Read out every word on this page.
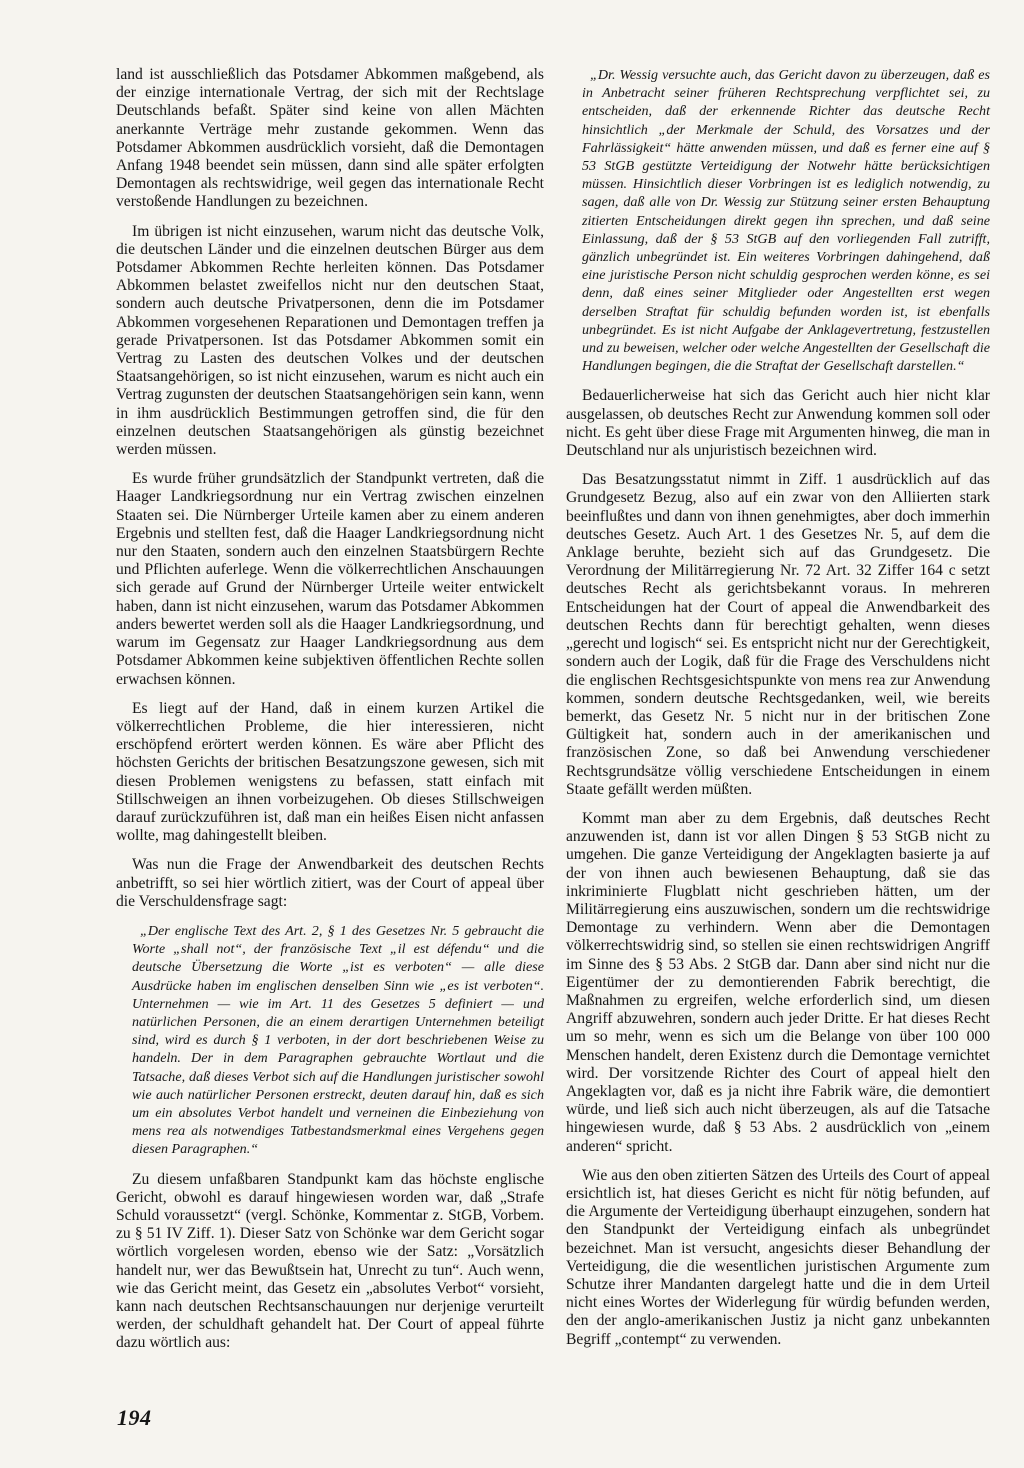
land ist ausschließlich das Potsdamer Abkommen maßgebend, als der einzige internationale Vertrag, der sich mit der Rechtslage Deutschlands befaßt. Später sind keine von allen Mächten anerkannte Verträge mehr zustande gekommen. Wenn das Potsdamer Abkommen ausdrücklich vorsieht, daß die Demontagen Anfang 1948 beendet sein müssen, dann sind alle später erfolgten Demontagen als rechtswidrige, weil gegen das internationale Recht verstoßende Handlungen zu bezeichnen.

Im übrigen ist nicht einzusehen, warum nicht das deutsche Volk, die deutschen Länder und die einzelnen deutschen Bürger aus dem Potsdamer Abkommen Rechte herleiten können. Das Potsdamer Abkommen belastet zweifellos nicht nur den deutschen Staat, sondern auch deutsche Privatpersonen, denn die im Potsdamer Abkommen vorgesehenen Reparationen und Demontagen treffen ja gerade Privatpersonen. Ist das Potsdamer Abkommen somit ein Vertrag zu Lasten des deutschen Volkes und der deutschen Staatsangehörigen, so ist nicht einzusehen, warum es nicht auch ein Vertrag zugunsten der deutschen Staatsangehörigen sein kann, wenn in ihm ausdrücklich Bestimmungen getroffen sind, die für den einzelnen deutschen Staatsangehörigen als günstig bezeichnet werden müssen.

Es wurde früher grundsätzlich der Standpunkt vertreten, daß die Haager Landkriegsordnung nur ein Vertrag zwischen einzelnen Staaten sei. Die Nürnberger Urteile kamen aber zu einem anderen Ergebnis und stellten fest, daß die Haager Landkriegsordnung nicht nur den Staaten, sondern auch den einzelnen Staatsbürgern Rechte und Pflichten auferlege. Wenn die völkerrechtlichen Anschauungen sich gerade auf Grund der Nürnberger Urteile weiter entwickelt haben, dann ist nicht einzusehen, warum das Potsdamer Abkommen anders bewertet werden soll als die Haager Landkriegsordnung, und warum im Gegensatz zur Haager Landkriegsordnung aus dem Potsdamer Abkommen keine subjektiven öffentlichen Rechte sollen erwachsen können.

Es liegt auf der Hand, daß in einem kurzen Artikel die völkerrechtlichen Probleme, die hier interessieren, nicht erschöpfend erörtert werden können. Es wäre aber Pflicht des höchsten Gerichts der britischen Besatzungszone gewesen, sich mit diesen Problemen wenigstens zu befassen, statt einfach mit Stillschweigen an ihnen vorbeizugehen. Ob dieses Stillschweigen darauf zurückzuführen ist, daß man ein heißes Eisen nicht anfassen wollte, mag dahingestellt bleiben.

Was nun die Frage der Anwendbarkeit des deutschen Rechts anbetrifft, so sei hier wörtlich zitiert, was der Court of appeal über die Verschuldensfrage sagt:

„Der englische Text des Art. 2, § 1 des Gesetzes Nr. 5 gebraucht die Worte „shall not“, der französische Text „il est défendu“ und die deutsche Übersetzung die Worte „ist es verboten“ — alle diese Ausdrücke haben im englischen denselben Sinn wie „es ist verboten“. Unternehmen — wie im Art. 11 des Gesetzes 5 definiert — und natürlichen Personen, die an einem derartigen Unternehmen beteiligt sind, wird es durch § 1 verboten, in der dort beschriebenen Weise zu handeln. Der in dem Paragraphen gebrauchte Wortlaut und die Tatsache, daß dieses Verbot sich auf die Handlungen juristischer sowohl wie auch natürlicher Personen erstreckt, deuten darauf hin, daß es sich um ein absolutes Verbot handelt und verneinen die Einbeziehung von mens rea als notwendiges Tatbestandsmerkmal eines Vergehens gegen diesen Paragraphen.“

Zu diesem unfaßbaren Standpunkt kam das höchste englische Gericht, obwohl es darauf hingewiesen worden war, daß „Strafe Schuld voraussetzt“ (vergl. Schönke, Kommentar z. StGB, Vorbem. zu § 51 IV Ziff. 1). Dieser Satz von Schönke war dem Gericht sogar wörtlich vorgelesen worden, ebenso wie der Satz: „Vorsätzlich handelt nur, wer das Bewußtsein hat, Unrecht zu tun“. Auch wenn, wie das Gericht meint, das Gesetz ein „absolutes Verbot“ vorsieht, kann nach deutschen Rechtsanschauungen nur derjenige verurteilt werden, der schuldhaft gehandelt hat. Der Court of appeal führte dazu wörtlich aus:

„Dr. Wessig versuchte auch, das Gericht davon zu überzeugen, daß es in Anbetracht seiner früheren Rechtsprechung verpflichtet sei, zu entscheiden, daß der erkennende Richter das deutsche Recht hinsichtlich „der Merkmale der Schuld, des Vorsatzes und der Fahrlässigkeit“ hätte anwenden müssen, und daß es ferner eine auf § 53 StGB gestützte Verteidigung der Notwehr hätte berücksichtigen müssen. Hinsichtlich dieser Vorbringen ist es lediglich notwendig, zu sagen, daß alle von Dr. Wessig zur Stützung seiner ersten Behauptung zitierten Entscheidungen direkt gegen ihn sprechen, und daß seine Einlassung, daß der § 53 StGB auf den vorliegenden Fall zutrifft, gänzlich unbegründet ist. Ein weiteres Vorbringen dahingehend, daß eine juristische Person nicht schuldig gesprochen werden könne, es sei denn, daß eines seiner Mitglieder oder Angestellten erst wegen derselben Straftat für schuldig befunden worden ist, ist ebenfalls unbegründet. Es ist nicht Aufgabe der Anklagevertretung, festzustellen und zu beweisen, welcher oder welche Angestellten der Gesellschaft die Handlungen begingen, die die Straftat der Gesellschaft darstellen.“

Bedauerlicherweise hat sich das Gericht auch hier nicht klar ausgelassen, ob deutsches Recht zur Anwendung kommen soll oder nicht. Es geht über diese Frage mit Argumenten hinweg, die man in Deutschland nur als unjuristisch bezeichnen wird.

Das Besatzungsstatut nimmt in Ziff. 1 ausdrücklich auf das Grundgesetz Bezug, also auf ein zwar von den Alliierten stark beeinflußtes und dann von ihnen genehmigtes, aber doch immerhin deutsches Gesetz. Auch Art. 1 des Gesetzes Nr. 5, auf dem die Anklage beruhte, bezieht sich auf das Grundgesetz. Die Verordnung der Militärregierung Nr. 72 Art. 32 Ziffer 164 c setzt deutsches Recht als gerichtsbekannt voraus. In mehreren Entscheidungen hat der Court of appeal die Anwendbarkeit des deutschen Rechts dann für berechtigt gehalten, wenn dieses „gerecht und logisch“ sei. Es entspricht nicht nur der Gerechtigkeit, sondern auch der Logik, daß für die Frage des Verschuldens nicht die englischen Rechtsgesichtspunkte von mens rea zur Anwendung kommen, sondern deutsche Rechtsgedanken, weil, wie bereits bemerkt, das Gesetz Nr. 5 nicht nur in der britischen Zone Gültigkeit hat, sondern auch in der amerikanischen und französischen Zone, so daß bei Anwendung verschiedener Rechtsgrundsätze völlig verschiedene Entscheidungen in einem Staate gefällt werden müßten.

Kommt man aber zu dem Ergebnis, daß deutsches Recht anzuwenden ist, dann ist vor allen Dingen § 53 StGB nicht zu umgehen. Die ganze Verteidigung der Angeklagten basierte ja auf der von ihnen auch bewiesenen Behauptung, daß sie das inkriminierte Flugblatt nicht geschrieben hätten, um der Militärregierung eins auszuwischen, sondern um die rechtswidrige Demontage zu verhindern. Wenn aber die Demontagen völkerrechtswidrig sind, so stellen sie einen rechtswidrigen Angriff im Sinne des § 53 Abs. 2 StGB dar. Dann aber sind nicht nur die Eigentümer der zu demontierenden Fabrik berechtigt, die Maßnahmen zu ergreifen, welche erforderlich sind, um diesen Angriff abzuwehren, sondern auch jeder Dritte. Er hat dieses Recht um so mehr, wenn es sich um die Belange von über 100 000 Menschen handelt, deren Existenz durch die Demontage vernichtet wird. Der vorsitzende Richter des Court of appeal hielt den Angeklagten vor, daß es ja nicht ihre Fabrik wäre, die demontiert würde, und ließ sich auch nicht überzeugen, als auf die Tatsache hingewiesen wurde, daß § 53 Abs. 2 ausdrücklich von „einem anderen“ spricht.

Wie aus den oben zitierten Sätzen des Urteils des Court of appeal ersichtlich ist, hat dieses Gericht es nicht für nötig befunden, auf die Argumente der Verteidigung überhaupt einzugehen, sondern hat den Standpunkt der Verteidigung einfach als unbegründet bezeichnet. Man ist versucht, angesichts dieser Behandlung der Verteidigung, die die wesentlichen juristischen Argumente zum Schutze ihrer Mandanten dargelegt hatte und die in dem Urteil nicht eines Wortes der Widerlegung für würdig befunden werden, den der anglo-amerikanischen Justiz ja nicht ganz unbekannten Begriff „contempt“ zu verwenden.

194
